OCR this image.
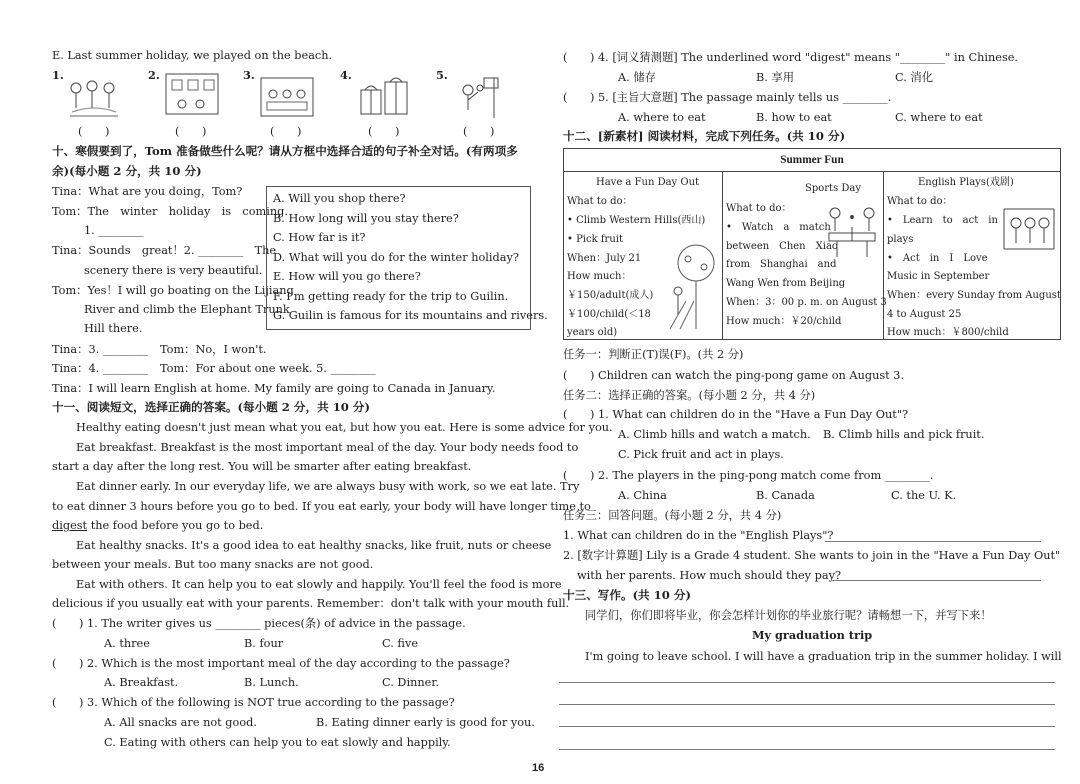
E. Last summer holiday, we played on the beach.
1.	2.	3.	4.	5.
(　　)	(　　)	(　　)	(　　)	(　　)
十、寒假要到了，Tom 准备做些什么呢？请从方框中选择合适的句子补全对话。(有两项多
余)(每小题 2 分，共 10 分)
Tina：What are you doing，Tom?
Tom：The　winter　holiday　is　coming.
1. ________
Tina：Sounds　great！2. ________　The
scenery there is very beautiful.
Tom：Yes！I will go boating on the Lijiang
River and climb the Elephant Trunk
Hill there.
Tina：3. ________ Tom：No，I won't.
Tina：4. ________ Tom：For about one week. 5. ________
Tina：I will learn English at home. My family are going to Canada in January.
A. Will you shop there?
B. How long will you stay there?
C. How far is it?
D. What will you do for the winter holiday?
E. How will you go there?
F. I'm getting ready for the trip to Guilin.
G. Guilin is famous for its mountains and rivers.
十一、阅读短文，选择正确的答案。(每小题 2 分，共 10 分)
Healthy eating doesn't just mean what you eat, but how you eat. Here is some advice for you.
Eat breakfast. Breakfast is the most important meal of the day. Your body needs food to
start a day after the long rest. You will be smarter after eating breakfast.
Eat dinner early. In our everyday life, we are always busy with work, so we eat late. Try
to eat dinner 3 hours before you go to bed. If you eat early, your body will have longer time to
digest the food before you go to bed.
Eat healthy snacks. It's a good idea to eat healthy snacks, like fruit, nuts or cheese
between your meals. But too many snacks are not good.
Eat with others. It can help you to eat slowly and happily. You'll feel the food is more
delicious if you usually eat with your parents. Remember：don't talk with your mouth full.
(　　) 1. The writer gives us ________ pieces(条) of advice in the passage.
A. three	B. four	C. five
(　　) 2. Which is the most important meal of the day according to the passage?
A. Breakfast.	B. Lunch.	C. Dinner.
(　　) 3. Which of the following is NOT true according to the passage?
A. All snacks are not good.	B. Eating dinner early is good for you.
C. Eating with others can help you to eat slowly and happily.
(　　) 4. [词义猜测题] The underlined word "digest" means "________" in Chinese.
A. 储存	B. 享用	C. 消化
(　　) 5. [主旨大意题] The passage mainly tells us ________.
A. where to eat	B. how to eat	C. where to eat
十二、[新素材] 阅读材料，完成下列任务。(共 10 分)
Summer Fun
Have a Fun Day Out
What to do：
• Climb Western Hills(西山)
• Pick fruit
When：July 21
How much：
￥150/adult(成人)
￥100/child(＜18
years old)
Sports Day
What to do：
•　Watch　a　match
between　Chen　Xiao
from　Shanghai　and
Wang Wen from Beijing
When：3：00 p. m. on August 3
How much：￥20/child
English Plays(戏剧)
What to do：
•　Learn　to　act　in
plays
•　Act　in　I　Love
Music in September
When：every Sunday from August
4 to August 25
How much：￥800/child
任务一：判断正(T)误(F)。(共 2 分)
(　　) Children can watch the ping-pong game on August 3.
任务二：选择正确的答案。(每小题 2 分，共 4 分)
(　　) 1. What can children do in the "Have a Fun Day Out"?
A. Climb hills and watch a match. B. Climb hills and pick fruit.
C. Pick fruit and act in plays.
(　　) 2. The players in the ping-pong match come from ________.
A. China	B. Canada	C. the U. K.
任务三：回答问题。(每小题 2 分，共 4 分)
1. What can children do in the "English Plays"?
2. [数字计算题] Lily is a Grade 4 student. She wants to join in the "Have a Fun Day Out"
with her parents. How much should they pay?
十三、写作。(共 10 分)
同学们，你们即将毕业，你会怎样计划你的毕业旅行呢？请畅想一下，并写下来！
My graduation trip
I'm going to leave school. I will have a graduation trip in the summer holiday. I will
16
